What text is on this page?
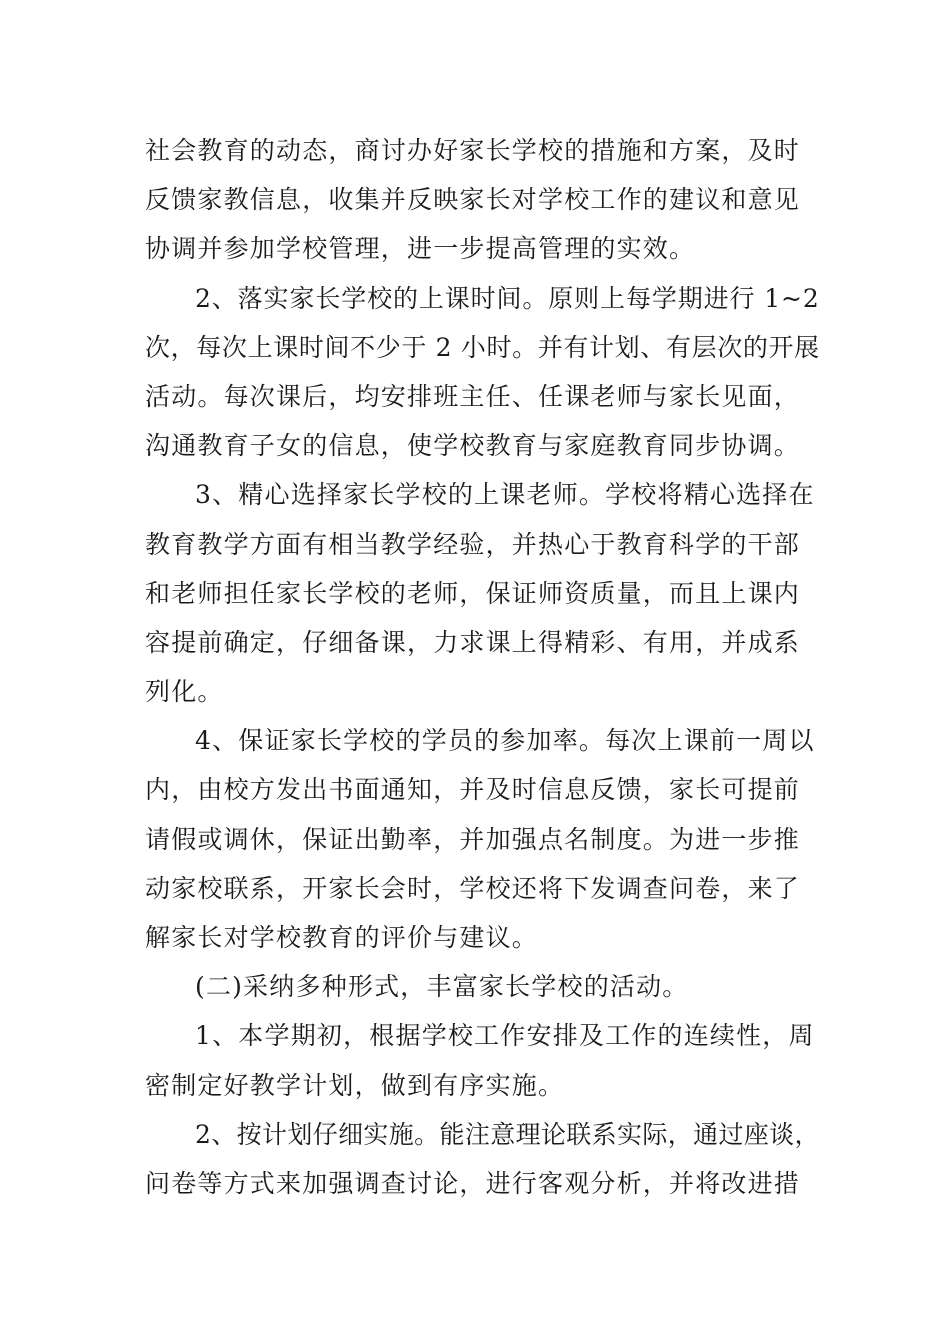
社会教育的动态，商讨办好家长学校的措施和方案，及时
反馈家教信息，收集并反映家长对学校工作的建议和意见
协调并参加学校管理，进一步提高管理的实效。
2、落实家长学校的上课时间。原则上每学期进行 1~2
次，每次上课时间不少于 2 小时。并有计划、有层次的开展
活动。每次课后，均安排班主任、任课老师与家长见面，
沟通教育子女的信息，使学校教育与家庭教育同步协调。
3、精心选择家长学校的上课老师。学校将精心选择在
教育教学方面有相当教学经验，并热心于教育科学的干部
和老师担任家长学校的老师，保证师资质量，而且上课内
容提前确定，仔细备课，力求课上得精彩、有用，并成系
列化。
4、保证家长学校的学员的参加率。每次上课前一周以
内，由校方发出书面通知，并及时信息反馈，家长可提前
请假或调休，保证出勤率，并加强点名制度。为进一步推
动家校联系，开家长会时，学校还将下发调查问卷，来了
解家长对学校教育的评价与建议。
(二)采纳多种形式，丰富家长学校的活动。
1、本学期初，根据学校工作安排及工作的连续性，周
密制定好教学计划，做到有序实施。
2、按计划仔细实施。能注意理论联系实际，通过座谈，
问卷等方式来加强调查讨论，进行客观分析，并将改进措
